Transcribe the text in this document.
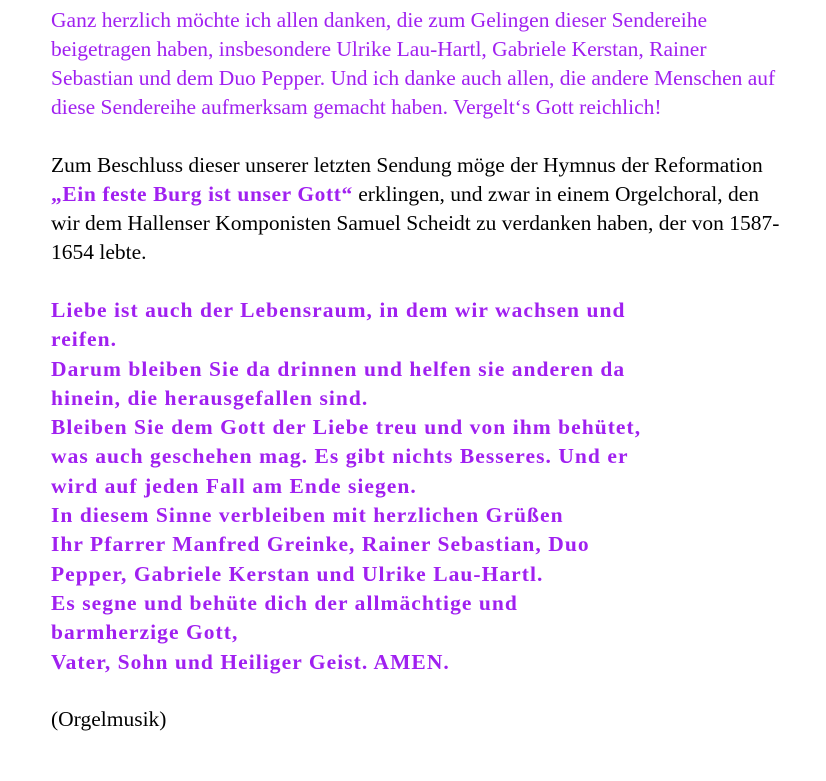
Ganz herzlich möchte ich allen danken, die zum Gelingen dieser Sendereihe beigetragen haben, insbesondere Ulrike Lau-Hartl, Gabriele Kerstan, Rainer Sebastian und dem Duo Pepper. Und ich danke auch allen, die andere Menschen auf diese Sendereihe aufmerksam gemacht haben. Vergelt‘s Gott reichlich!

Zum Beschluss dieser unserer letzten Sendung möge der Hymnus der Reformation „Ein feste Burg ist unser Gott“ erklingen, und zwar in einem Orgelchoral, den wir dem Hallenser Komponisten Samuel Scheidt zu verdanken haben, der von 1587-1654 lebte.

Liebe ist auch der Lebensraum, in dem wir wachsen und
reifen.
Darum bleiben Sie da drinnen und helfen sie anderen da
hinein, die herausgefallen sind.
Bleiben Sie dem Gott der Liebe treu und von ihm behütet,
was auch geschehen mag. Es gibt nichts Besseres. Und er
wird auf jeden Fall am Ende siegen.
In diesem Sinne verbleiben mit herzlichen Grüßen
Ihr Pfarrer Manfred Greinke, Rainer Sebastian, Duo
Pepper, Gabriele Kerstan und Ulrike Lau-Hartl.
Es segne und behüte dich der allmächtige und
barmherzige Gott,
Vater, Sohn und Heiliger Geist. AMEN.

(Orgelmusik)
